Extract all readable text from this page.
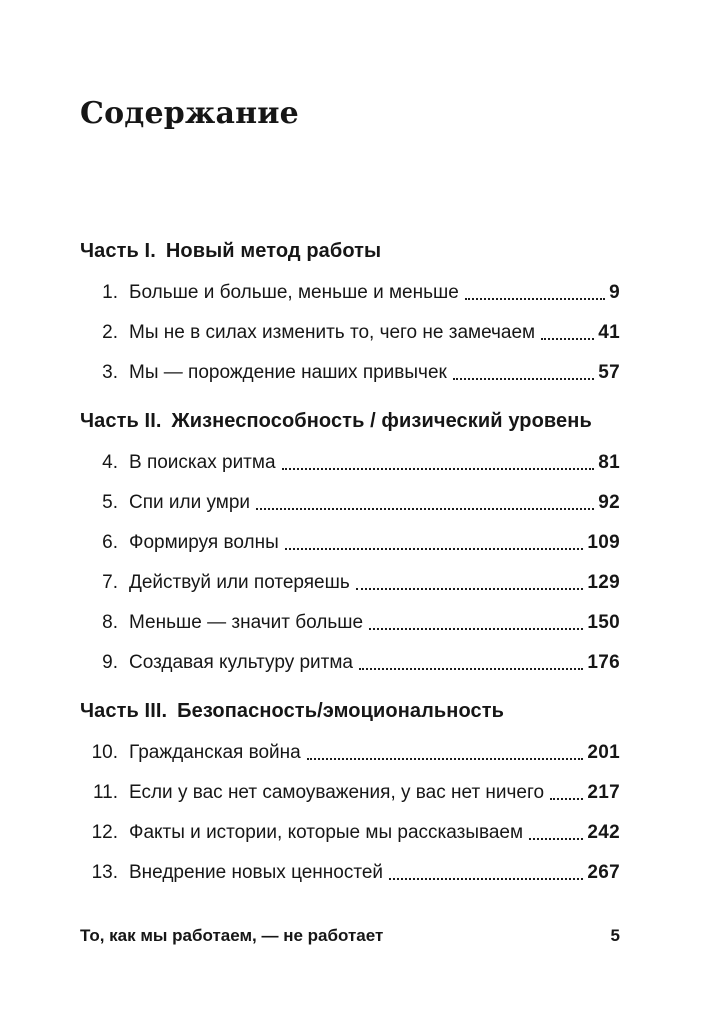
Содержание
Часть I. Новый метод работы
1. Больше и больше, меньше и меньше	9
2. Мы не в силах изменить то, чего не замечаем	41
3. Мы — порождение наших привычек	57
Часть II. Жизнеспособность / физический уровень
4. В поисках ритма	81
5. Спи или умри	92
6. Формируя волны	109
7. Действуй или потеряешь	129
8. Меньше — значит больше	150
9. Создавая культуру ритма	176
Часть III. Безопасность/эмоциональность
10. Гражданская война	201
11. Если у вас нет самоуважения, у вас нет ничего 217
12. Факты и истории, которые мы рассказываем	242
13. Внедрение новых ценностей	267
То, как мы работаем, — не работает	5
